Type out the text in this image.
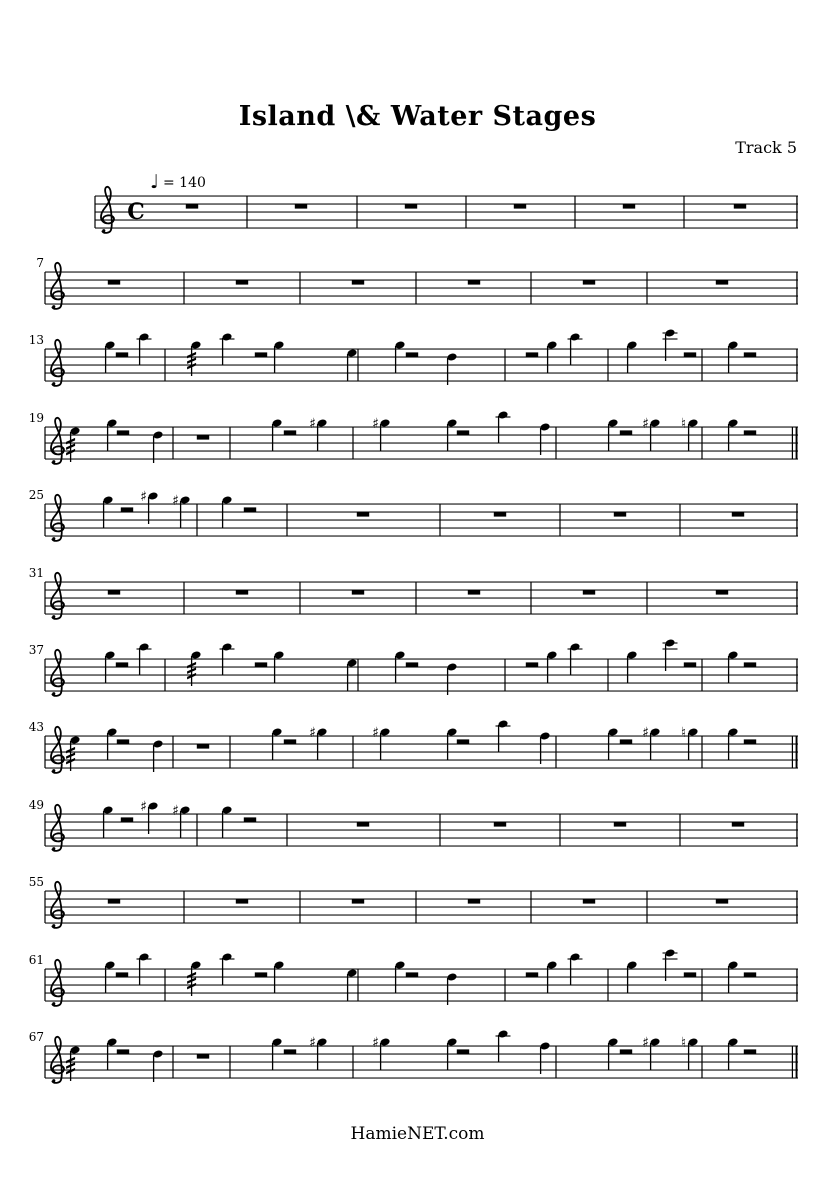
Island \& Water Stages
Track 5
♩ = 140
C
7
13
19	♯	♯	♯ ♮
25	♯ ♯
31
37
43	♯	♯	♯ ♮
49	♯ ♯
55
61
67	♯	♯	♯ ♮
HamieNET.com
